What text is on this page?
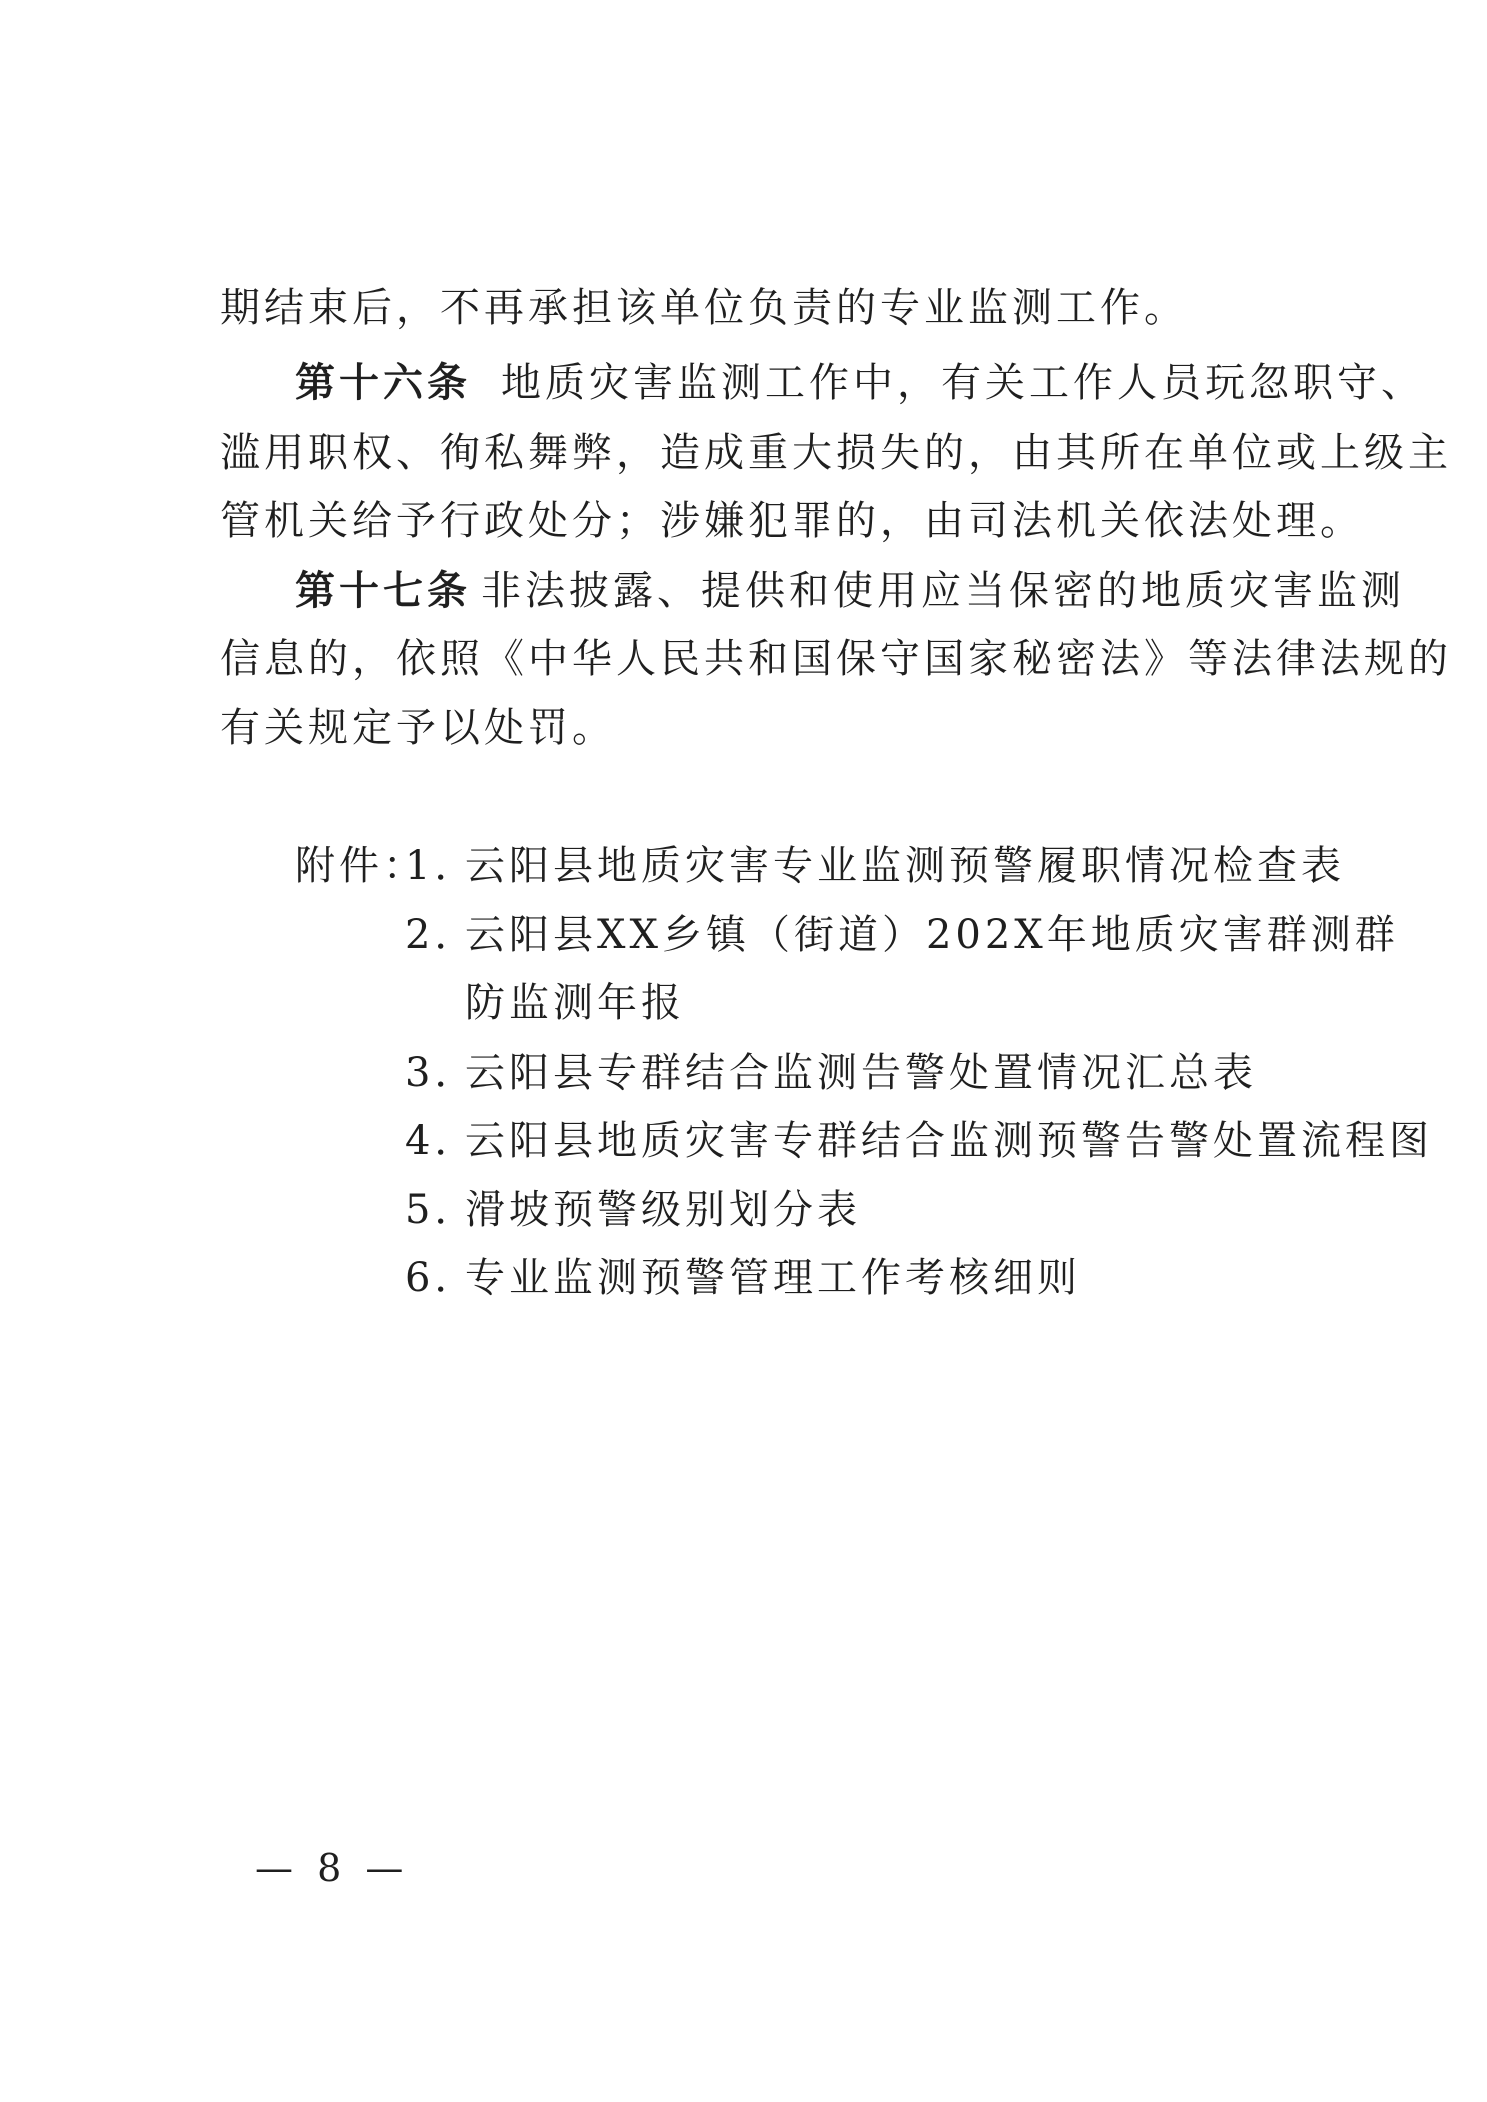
期结束后，不再承担该单位负责的专业监测工作。
第十六条 地质灾害监测工作中，有关工作人员玩忽职守、
滥用职权、徇私舞弊，造成重大损失的，由其所在单位或上级主
管机关给予行政处分；涉嫌犯罪的，由司法机关依法处理。
第十七条 非法披露、提供和使用应当保密的地质灾害监测
信息的，依照《中华人民共和国保守国家秘密法》等法律法规的
有关规定予以处罚。
附件：
1．云阳县地质灾害专业监测预警履职情况检查表
2．云阳县XX乡镇（街道）202X年地质灾害群测群
防监测年报
3．云阳县专群结合监测告警处置情况汇总表
4．云阳县地质灾害专群结合监测预警告警处置流程图
5．滑坡预警级别划分表
6．专业监测预警管理工作考核细则
— 8 —
